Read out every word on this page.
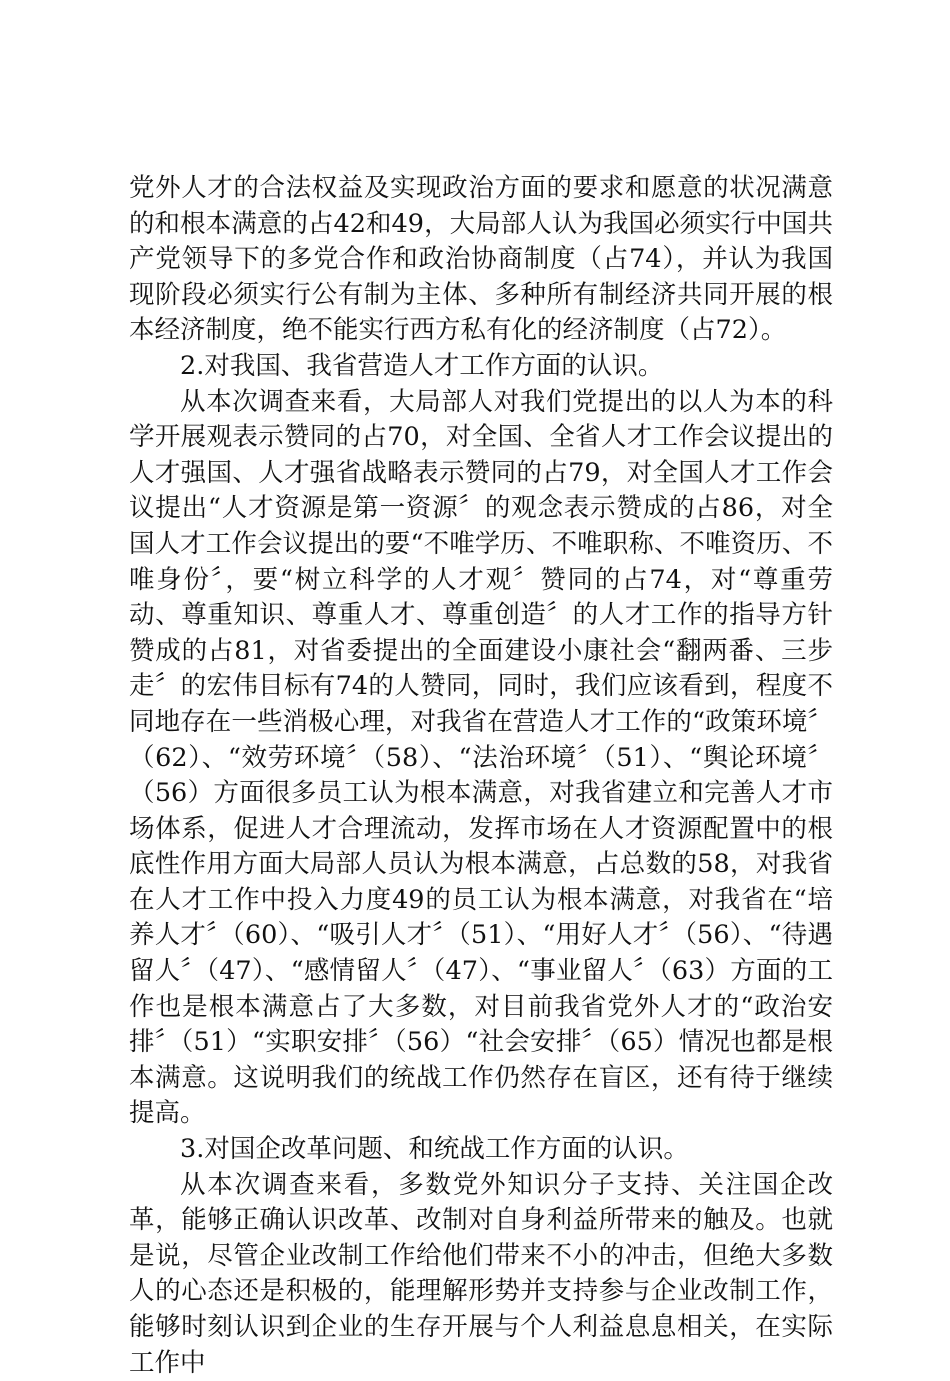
党外人才的合法权益及实现政治方面的要求和愿意的状况满意的和根本满意的占42和49，大局部人认为我国必须实行中国共产党领导下的多党合作和政治协商制度（占74），并认为我国现阶段必须实行公有制为主体、多种所有制经济共同开展的根本经济制度，绝不能实行西方私有化的经济制度（占72）。

2.对我国、我省营造人才工作方面的认识。

从本次调查来看，大局部人对我们党提出的以人为本的科学开展观表示赞同的占70，对全国、全省人才工作会议提出的人才强国、人才强省战略表示赞同的占79，对全国人才工作会议提出“人才资源是第一资源〞的观念表示赞成的占86，对全国人才工作会议提出的要“不唯学历、不唯职称、不唯资历、不唯身份〞，要“树立科学的人才观〞赞同的占74，对“尊重劳动、尊重知识、尊重人才、尊重创造〞的人才工作的指导方针赞成的占81，对省委提出的全面建设小康社会“翻两番、三步走〞的宏伟目标有74的人赞同，同时，我们应该看到，程度不同地存在一些消极心理，对我省在营造人才工作的“政策环境〞（62）、“效劳环境〞（58）、“法治环境〞（51）、“舆论环境〞（56）方面很多员工认为根本满意，对我省建立和完善人才市场体系，促进人才合理流动，发挥市场在人才资源配置中的根底性作用方面大局部人员认为根本满意，占总数的58，对我省在人才工作中投入力度49的员工认为根本满意，对我省在“培养人才〞（60）、“吸引人才〞（51）、“用好人才〞（56）、“待遇留人〞（47）、“感情留人〞（47）、“事业留人〞（63）方面的工作也是根本满意占了大多数，对目前我省党外人才的“政治安排〞（51）“实职安排〞（56）“社会安排〞（65）情况也都是根本满意。这说明我们的统战工作仍然存在盲区，还有待于继续提高。

3.对国企改革问题、和统战工作方面的认识。

从本次调查来看，多数党外知识分子支持、关注国企改革，能够正确认识改革、改制对自身利益所带来的触及。也就是说，尽管企业改制工作给他们带来不小的冲击，但绝大多数人的心态还是积极的，能理解形势并支持参与企业改制工作，能够时刻认识到企业的生存开展与个人利益息息相关，在实际工作中
